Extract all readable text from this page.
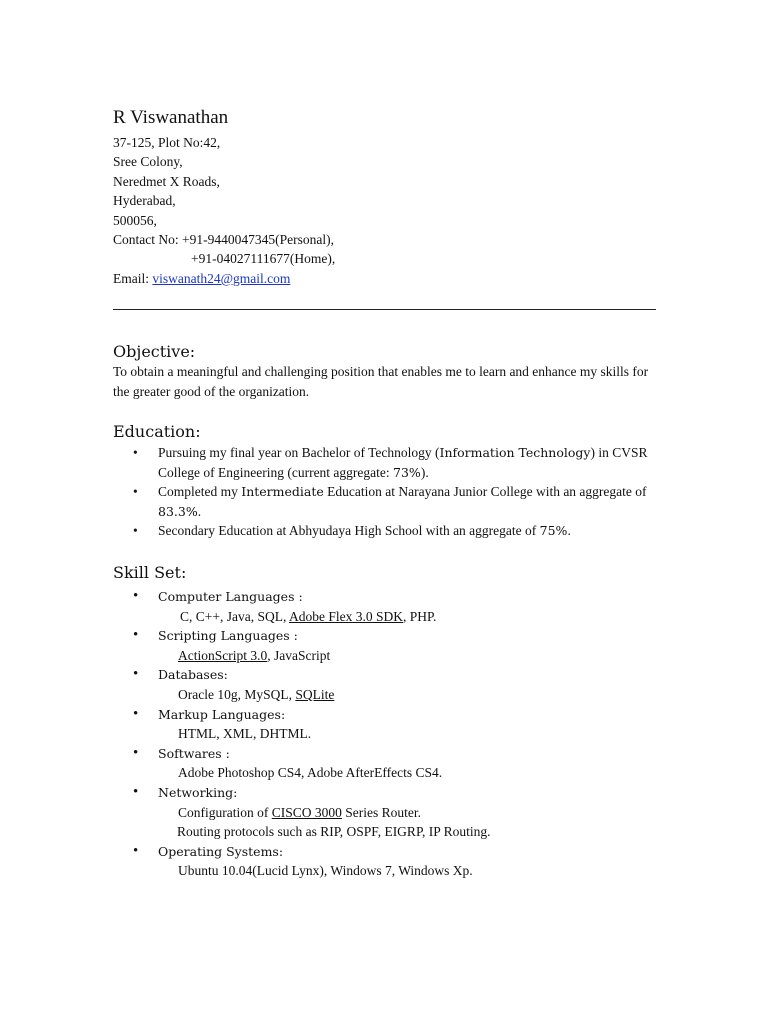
R Viswanathan
37-125, Plot No:42,
Sree Colony,
Neredmet X Roads,
Hyderabad,
500056,
Contact No: +91-9440047345(Personal),
+91-04027111677(Home),
Email: viswanath24@gmail.com
Objective:
To obtain a meaningful and challenging position that enables me to learn and enhance my skills for the greater good of the organization.
Education:
• Pursuing my final year on Bachelor of Technology (Information Technology) in CVSR College of Engineering (current aggregate: 73%).
• Completed my Intermediate Education at Narayana Junior College with an aggregate of 83.3%.
• Secondary Education at Abhyudaya High School with an aggregate of 75%.
Skill Set:
• Computer Languages :
C, C++, Java, SQL, Adobe Flex 3.0 SDK, PHP.
• Scripting Languages :
ActionScript 3.0, JavaScript
• Databases:
Oracle 10g, MySQL, SQLite
• Markup Languages:
HTML, XML, DHTML.
• Softwares :
Adobe Photoshop CS4, Adobe AfterEffects CS4.
• Networking:
Configuration of CISCO 3000 Series Router.
Routing protocols such as RIP, OSPF, EIGRP, IP Routing.
• Operating Systems:
Ubuntu 10.04(Lucid Lynx), Windows 7, Windows Xp.
